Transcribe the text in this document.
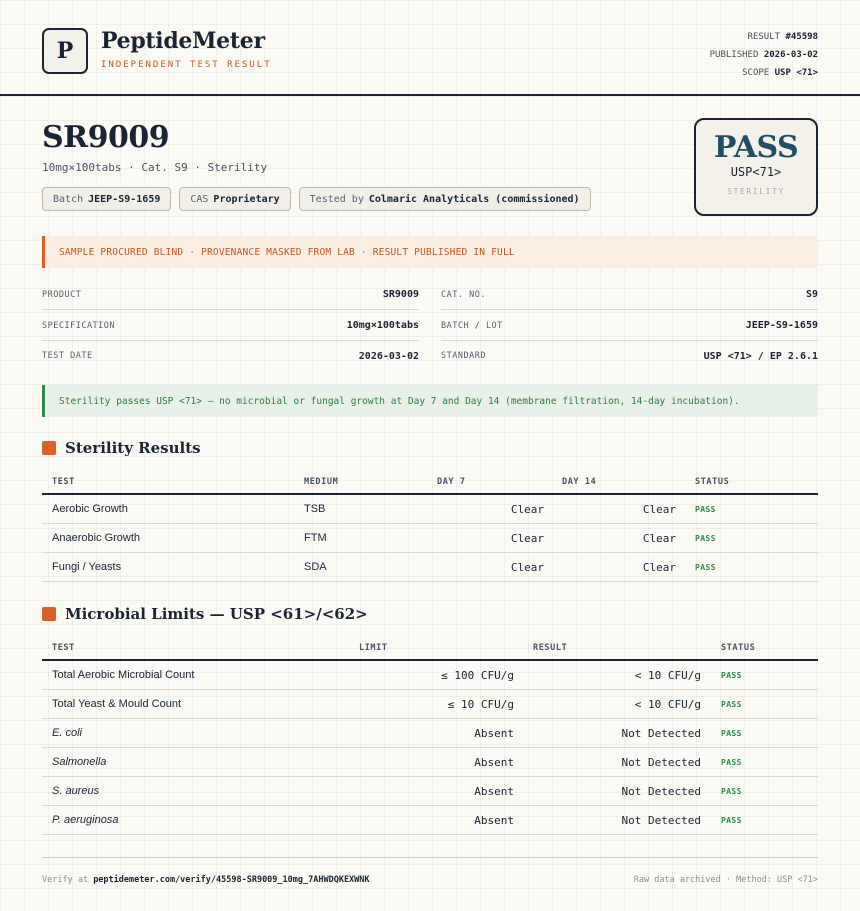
P	PeptideMeter
INDEPENDENT TEST RESULT
RESULT #45598
PUBLISHED 2026-03-02
SCOPE USP <71>
SR9009
10mg×100tabs · Cat. S9 · Sterility
Batch JEEP-S9-1659	CAS Proprietary	Tested by Colmaric Analyticals (commissioned)
PASS
USP<71>
STERILITY
SAMPLE PROCURED BLIND · PROVENANCE MASKED FROM LAB · RESULT PUBLISHED IN FULL
PRODUCT	SR9009	CAT. NO.	S9
SPECIFICATION	10mg×100tabs	BATCH / LOT	JEEP-S9-1659
TEST DATE	2026-03-02	STANDARD	USP <71> / EP 2.6.1
Sterility passes USP <71> — no microbial or fungal growth at Day 7 and Day 14 (membrane filtration, 14-day incubation).
Sterility Results
TEST	MEDIUM	DAY 7	DAY 14	STATUS
Aerobic Growth	TSB	Clear	Clear PASS
Anaerobic Growth	FTM	Clear	Clear PASS
Fungi / Yeasts	SDA	Clear	Clear PASS
Microbial Limits — USP <61>/<62>
TEST	LIMIT	RESULT	STATUS
Total Aerobic Microbial Count	≤ 100 CFU/g	< 10 CFU/g	PASS
Total Yeast & Mould Count	≤ 10 CFU/g	< 10 CFU/g	PASS
E. coli	Absent	Not Detected	PASS
Salmonella	Absent	Not Detected	PASS
S. aureus	Absent	Not Detected	PASS
P. aeruginosa	Absent	Not Detected	PASS
Verify at peptidemeter.com/verify/45598-SR9009_10mg_7AHWDQKEXWNK	Raw data archived · Method: USP <71>
